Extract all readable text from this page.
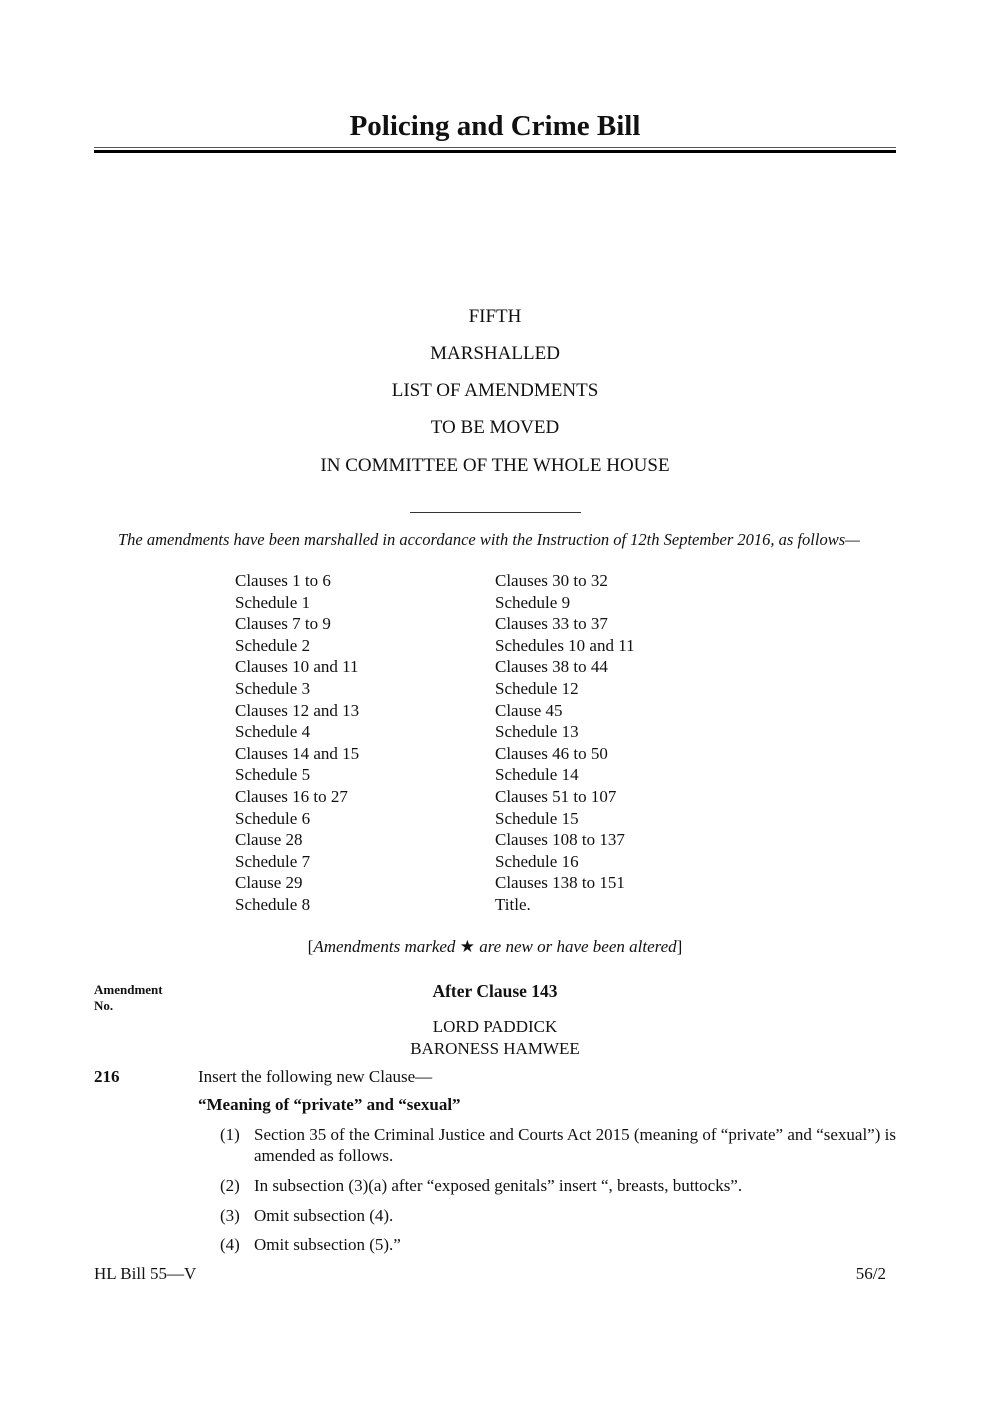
Policing and Crime Bill
FIFTH
MARSHALLED
LIST OF AMENDMENTS
TO BE MOVED
IN COMMITTEE OF THE WHOLE HOUSE
The amendments have been marshalled in accordance with the Instruction of 12th September 2016, as follows—
Clauses 1 to 6
Schedule 1
Clauses 7 to 9
Schedule 2
Clauses 10 and 11
Schedule 3
Clauses 12 and 13
Schedule 4
Clauses 14 and 15
Schedule 5
Clauses 16 to 27
Schedule 6
Clause 28
Schedule 7
Clause 29
Schedule 8
Clauses 30 to 32
Schedule 9
Clauses 33 to 37
Schedules 10 and 11
Clauses 38 to 44
Schedule 12
Clause 45
Schedule 13
Clauses 46 to 50
Schedule 14
Clauses 51 to 107
Schedule 15
Clauses 108 to 137
Schedule 16
Clauses 138 to 151
Title.
[Amendments marked ★ are new or have been altered]
Amendment
No.
After Clause 143
LORD PADDICK
BARONESS HAMWEE
216	Insert the following new Clause—
“Meaning of “private” and “sexual”
(1) Section 35 of the Criminal Justice and Courts Act 2015 (meaning of “private” and “sexual”) is amended as follows.
(2) In subsection (3)(a) after “exposed genitals” insert “, breasts, buttocks”.
(3) Omit subsection (4).
(4) Omit subsection (5).”
HL Bill 55—V	56/2
